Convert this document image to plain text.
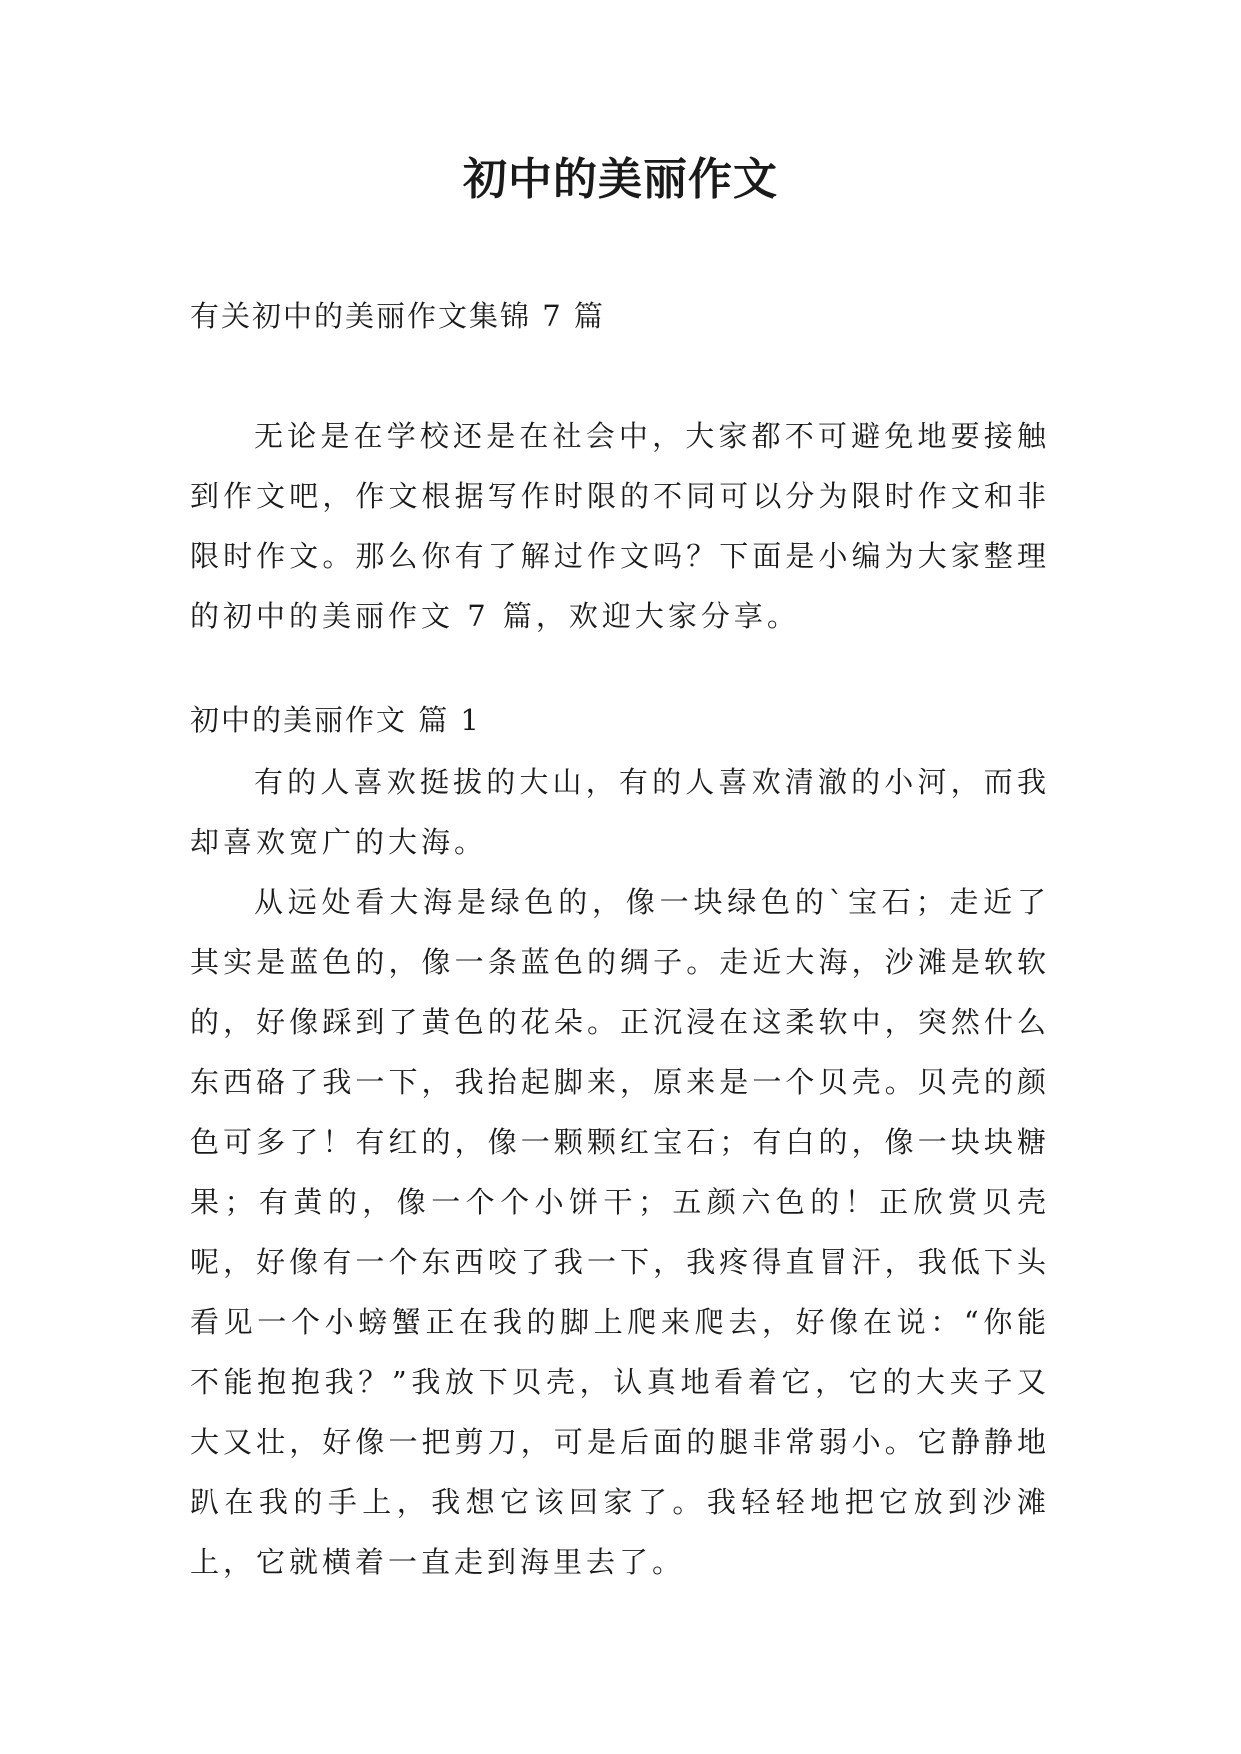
初中的美丽作文

有关初中的美丽作文集锦 7 篇

无论是在学校还是在社会中，大家都不可避免地要接触到作文吧，作文根据写作时限的不同可以分为限时作文和非限时作文。那么你有了解过作文吗？下面是小编为大家整理的初中的美丽作文 7 篇，欢迎大家分享。

初中的美丽作文 篇 1

有的人喜欢挺拔的大山，有的人喜欢清澈的小河，而我却喜欢宽广的大海。

从远处看大海是绿色的，像一块绿色的`宝石；走近了其实是蓝色的，像一条蓝色的绸子。走近大海，沙滩是软软的，好像踩到了黄色的花朵。正沉浸在这柔软中，突然什么东西硌了我一下，我抬起脚来，原来是一个贝壳。贝壳的颜色可多了！有红的，像一颗颗红宝石；有白的，像一块块糖果；有黄的，像一个个小饼干；五颜六色的！正欣赏贝壳呢，好像有一个东西咬了我一下，我疼得直冒汗，我低下头看见一个小螃蟹正在我的脚上爬来爬去，好像在说：“你能不能抱抱我？”我放下贝壳，认真地看着它，它的大夹子又大又壮，好像一把剪刀，可是后面的腿非常弱小。它静静地趴在我的手上，我想它该回家了。我轻轻地把它放到沙滩上，它就横着一直走到海里去了。
